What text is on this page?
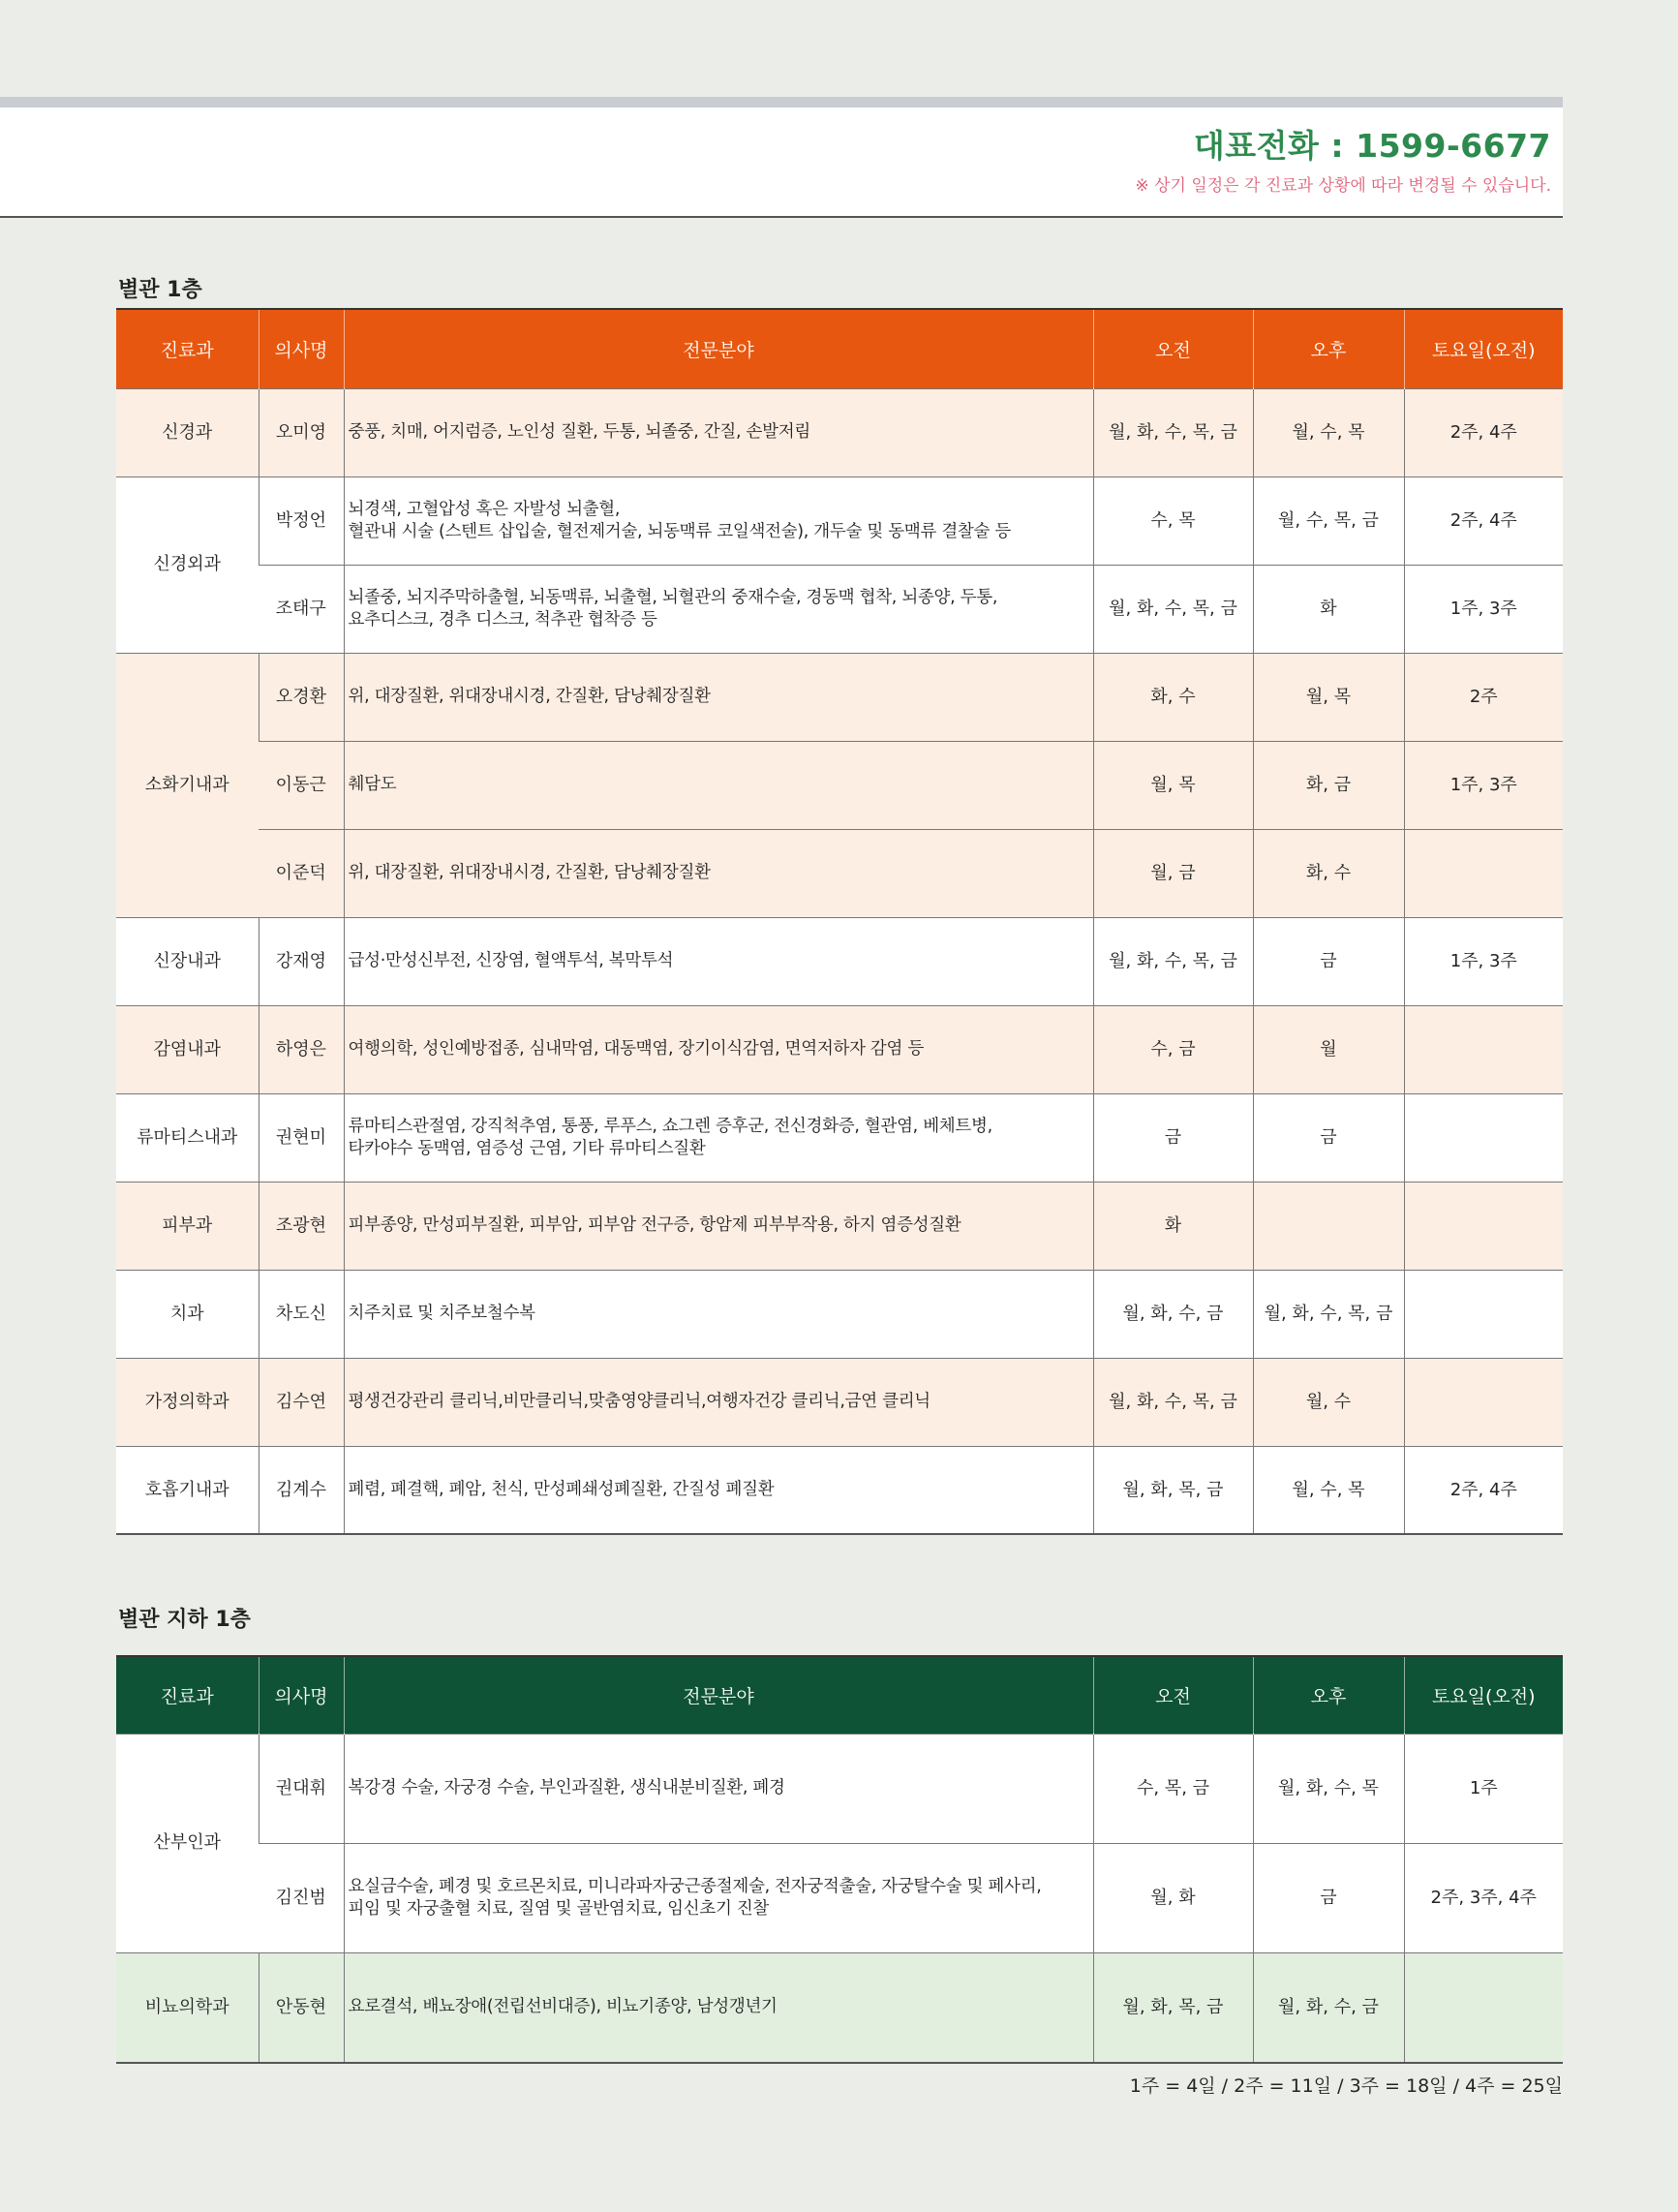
대표전화 : 1599-6677
※ 상기 일정은 각 진료과 상황에 따라 변경될 수 있습니다.
별관 1층
진료과	의사명	전문분야	오전	오후	토요일(오전)
신경과	오미영	중풍, 치매, 어지럼증, 노인성 질환, 두통, 뇌졸중, 간질, 손발저림	월, 화, 수, 목, 금	월, 수, 목	2주, 4주
신경외과	박정언	뇌경색, 고혈압성 혹은 자발성 뇌출혈,
혈관내 시술 (스텐트 삽입술, 혈전제거술, 뇌동맥류 코일색전술), 개두술 및 동맥류 결찰술 등	수, 목	월, 수, 목, 금	2주, 4주
	조태구	뇌졸중, 뇌지주막하출혈, 뇌동맥류, 뇌출혈, 뇌혈관의 중재수술, 경동맥 협착, 뇌종양, 두통,
요추디스크, 경추 디스크, 척추관 협착증 등	월, 화, 수, 목, 금	화	1주, 3주
소화기내과	오경환	위, 대장질환, 위대장내시경, 간질환, 담낭췌장질환	화, 수	월, 목	2주
	이동근	췌담도	월, 목	화, 금	1주, 3주
	이준덕	위, 대장질환, 위대장내시경, 간질환, 담낭췌장질환	월, 금	화, 수	
신장내과	강재영	급성·만성신부전, 신장염, 혈액투석, 복막투석	월, 화, 수, 목, 금	금	1주, 3주
감염내과	하영은	여행의학, 성인예방접종, 심내막염, 대동맥염, 장기이식감염, 면역저하자 감염 등	수, 금	월	
류마티스내과	권현미	류마티스관절염, 강직척추염, 통풍, 루푸스, 쇼그렌 증후군, 전신경화증, 혈관염, 베체트병,
타카야수 동맥염, 염증성 근염, 기타 류마티스질환	금	금	
피부과	조광현	피부종양, 만성피부질환, 피부암, 피부암 전구증, 항암제 피부부작용, 하지 염증성질환	화		
치과	차도신	치주치료 및 치주보철수복	월, 화, 수, 금	월, 화, 수, 목, 금	
가정의학과	김수연	평생건강관리 클리닉,비만클리닉,맞춤영양클리닉,여행자건강 클리닉,금연 클리닉	월, 화, 수, 목, 금	월, 수	
호흡기내과	김계수	폐렴, 폐결핵, 폐암, 천식, 만성폐쇄성폐질환, 간질성 폐질환	월, 화, 목, 금	월, 수, 목	2주, 4주
별관 지하 1층
진료과	의사명	전문분야	오전	오후	토요일(오전)
산부인과	권대휘	복강경 수술, 자궁경 수술, 부인과질환, 생식내분비질환, 폐경	수, 목, 금	월, 화, 수, 목	1주
	김진범	요실금수술, 폐경 및 호르몬치료, 미니라파자궁근종절제술, 전자궁적출술, 자궁탈수술 및 페사리,
피임 및 자궁출혈 치료, 질염 및 골반염치료, 임신초기 진찰	월, 화	금	2주, 3주, 4주
비뇨의학과	안동현	요로결석, 배뇨장애(전립선비대증), 비뇨기종양, 남성갱년기	월, 화, 목, 금	월, 화, 수, 금	
1주 = 4일 / 2주 = 11일 / 3주 = 18일 / 4주 = 25일
